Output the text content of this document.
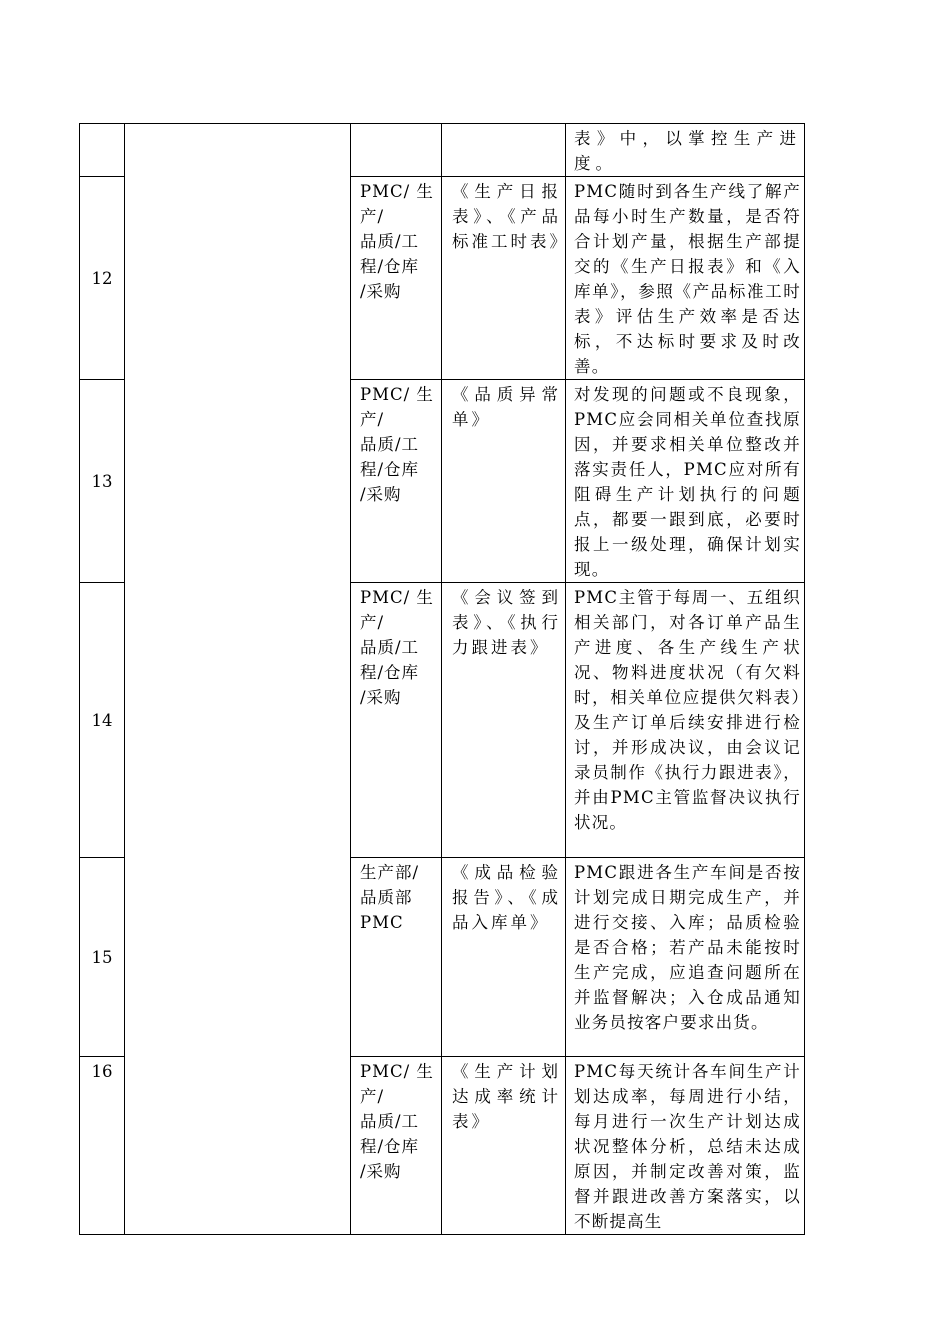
				表》中，以掌控生产进度。
12		PMC/ 生
产/
品质/工
程/仓库
/采购	《生产日报表》、《产品标准工时表》	PMC随时到各生产线了解产品每小时生产数量，是否符合计划产量，根据生产部提交的《生产日报表》和《入库单》，参照《产品标准工时表》评估生产效率是否达标，不达标时要求及时改善。
13		PMC/ 生
产/
品质/工
程/仓库
/采购	《品质异常单》	对发现的问题或不良现象，PMC应会同相关单位查找原因，并要求相关单位整改并落实责任人，PMC应对所有阻碍生产计划执行的问题点，都要一跟到底，必要时报上一级处理，确保计划实现。
14		PMC/ 生
产/
品质/工
程/仓库
/采购	《会议签到表》、《执行力跟进表》	PMC主管于每周一、五组织相关部门，对各订单产品生产进度、各生产线生产状况、物料进度状况（有欠料时，相关单位应提供欠料表）及生产订单后续安排进行检讨，并形成决议，由会议记录员制作《执行力跟进表》，并由PMC主管监督决议执行状况。
15		生产部/
品质部
PMC	《成品检验报告》、《成品入库单》	PMC跟进各生产车间是否按计划完成日期完成生产，并进行交接、入库；品质检验是否合格；若产品未能按时生产完成，应追查问题所在并监督解决；入仓成品通知业务员按客户要求出货。
16		PMC/ 生
产/
品质/工
程/仓库
/采购	《生产计划达成率统计表》	PMC每天统计各车间生产计划达成率，每周进行小结，每月进行一次生产计划达成状况整体分析，总结未达成原因，并制定改善对策，监督并跟进改善方案落实，以不断提高生
